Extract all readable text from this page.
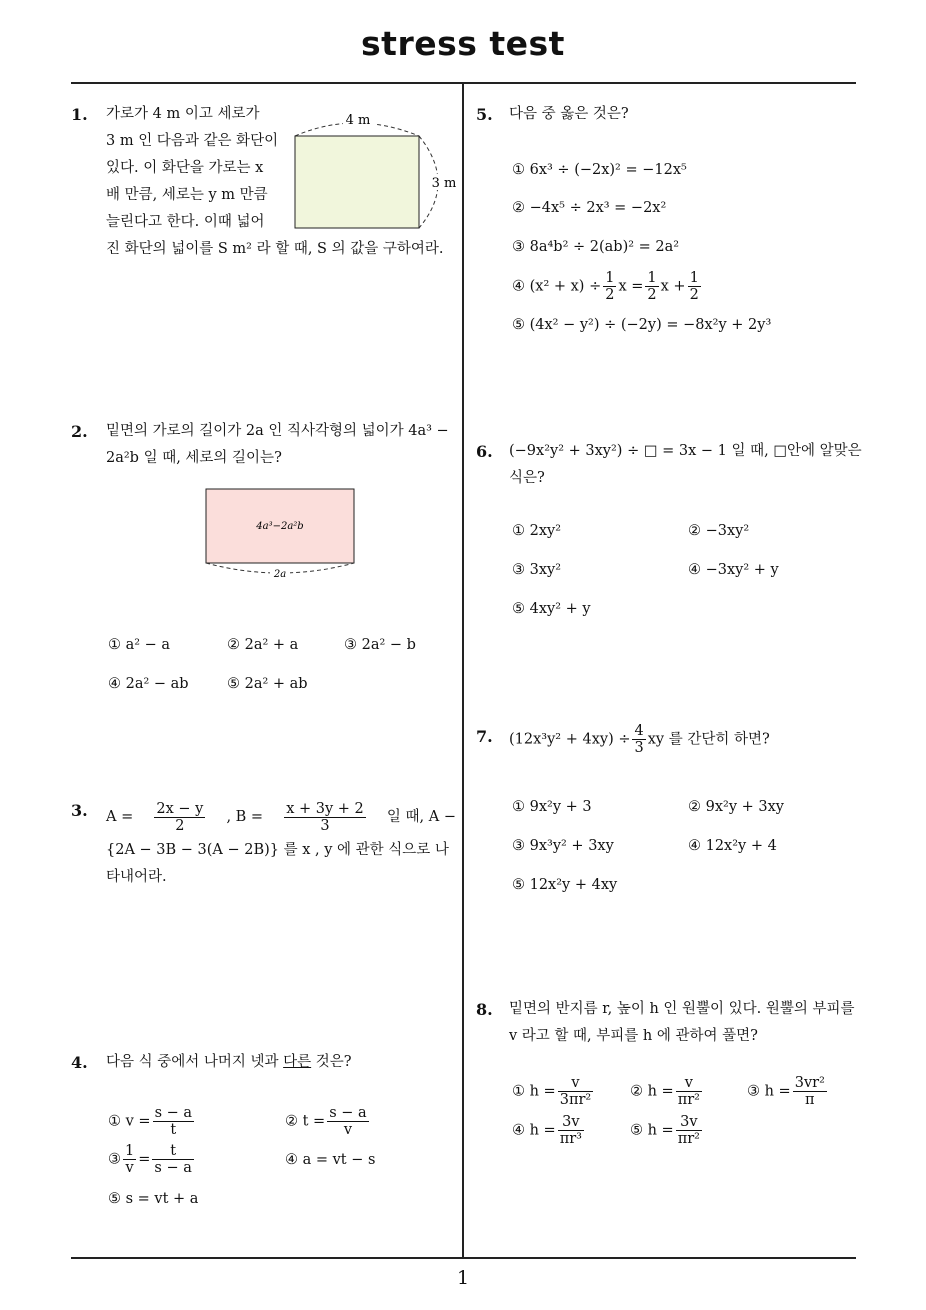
stress test
1
1. 가로가 4 m 이고 세로가
3 m 인 다음과 같은 화단이
있다. 이 화단을 가로는 x
배 만큼, 세로는 y m 만큼
늘린다고 한다. 이때 넓어
진 화단의 넓이를 S m² 라 할 때, S 의 값을 구하여라.
4 m
3 m
2. 밑면의 가로의 길이가 2a 인 직사각형의 넓이가 4a³ −
2a²b 일 때, 세로의 길이는?
4a³−2a²b
2a
① a² − a	② 2a² + a	③ 2a² − b
④ 2a² − ab	⑤ 2a² + ab
3. $A = \frac{2x - y}{2}$ , $B = \frac{x + 3y + 2}{3}$ 일 때, A −
{2A − 3B − 3(A − 2B)} 를 x , y 에 관한 식으로 나
타내어라.
4. 다음 식 중에서 나머지 넷과 다른 것은?
① $v = \frac{s - a}{t}$	② $t = \frac{s - a}{v}$
③ $\frac{1}{v} = \frac{t}{s - a}$	④ a = vt − s
⑤ s = vt + a
5. 다음 중 옳은 것은?
① 6x³ ÷ (−2x)² = −12x⁵
② −4x⁵ ÷ 2x³ = −2x²
③ 8a⁴b² ÷ 2(ab)² = 2a²
④ $(x^2 + x) \div \frac{1}{2}$ $x = \frac{1}{2}$ $x + \frac{1}{2}$
⑤ (4x² − y²) ÷ (−2y) = −8x²y + 2y³
6. (−9x²y² + 3xy²) ÷ □ = 3x − 1 일 때, □안에 알맞은
식은?
① 2xy²	② −3xy²
③ 3xy²	④ −3xy² + y
⑤ 4xy² + y
7. $(12x^3y^2 + 4xy) \div \frac{4}{3}$ xy 를 간단히 하면?
① 9x²y + 3	② 9x²y + 3xy
③ 9x³y² + 3xy	④ 12x²y + 4
⑤ 12x²y + 4xy
8. 밑면의 반지름 r, 높이 h 인 원뿔이 있다. 원뿔의 부피를
v 라고 할 때, 부피를 h 에 관하여 풀면?
① $h = \frac{v}{\text{3πr²}}$	② $h = \frac{v}{\text{πr²}}$	③ $h = \frac{\text{3vr²}}{\pi}$
④ $h = \frac{3v}{\text{πr³}}$	⑤ $h = \frac{3v}{\text{πr²}}$
